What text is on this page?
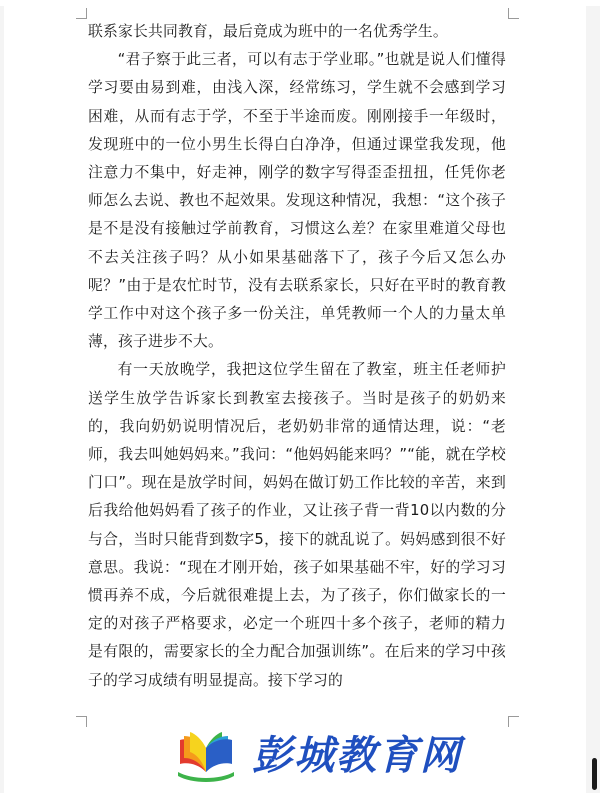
联系家长共同教育，最后竟成为班中的一名优秀学生。

“君子察于此三者，可以有志于学业耶。”也就是说人们懂得学习要由易到难，由浅入深，经常练习，学生就不会感到学习困难，从而有志于学，不至于半途而废。刚刚接手一年级时，发现班中的一位小男生长得白白净净，但通过课堂我发现，他注意力不集中，好走神，刚学的数字写得歪歪扭扭，任凭你老师怎么去说、教也不起效果。发现这种情况，我想：“这个孩子是不是没有接触过学前教育，习惯这么差？在家里难道父母也不去关注孩子吗？从小如果基础落下了，孩子今后又怎么办呢？”由于是农忙时节，没有去联系家长，只好在平时的教育教学工作中对这个孩子多一份关注，单凭教师一个人的力量太单薄，孩子进步不大。

有一天放晚学，我把这位学生留在了教室，班主任老师护送学生放学告诉家长到教室去接孩子。当时是孩子的奶奶来的，我向奶奶说明情况后，老奶奶非常的通情达理，说：“老师，我去叫她妈妈来。”我问：“他妈妈能来吗？”“能，就在学校门口”。现在是放学时间，妈妈在做订奶工作比较的辛苦，来到后我给他妈妈看了孩子的作业，又让孩子背一背10以内数的分与合，当时只能背到数字5，接下的就乱说了。妈妈感到很不好意思。我说：“现在才刚开始，孩子如果基础不牢，好的学习习惯再养不成，今后就很难提上去，为了孩子，你们做家长的一定的对孩子严格要求，必定一个班四十多个孩子，老师的精力是有限的，需要家长的全力配合加强训练”。在后来的学习中孩子的学习成绩有明显提高。接下学习的

彭城教育网
